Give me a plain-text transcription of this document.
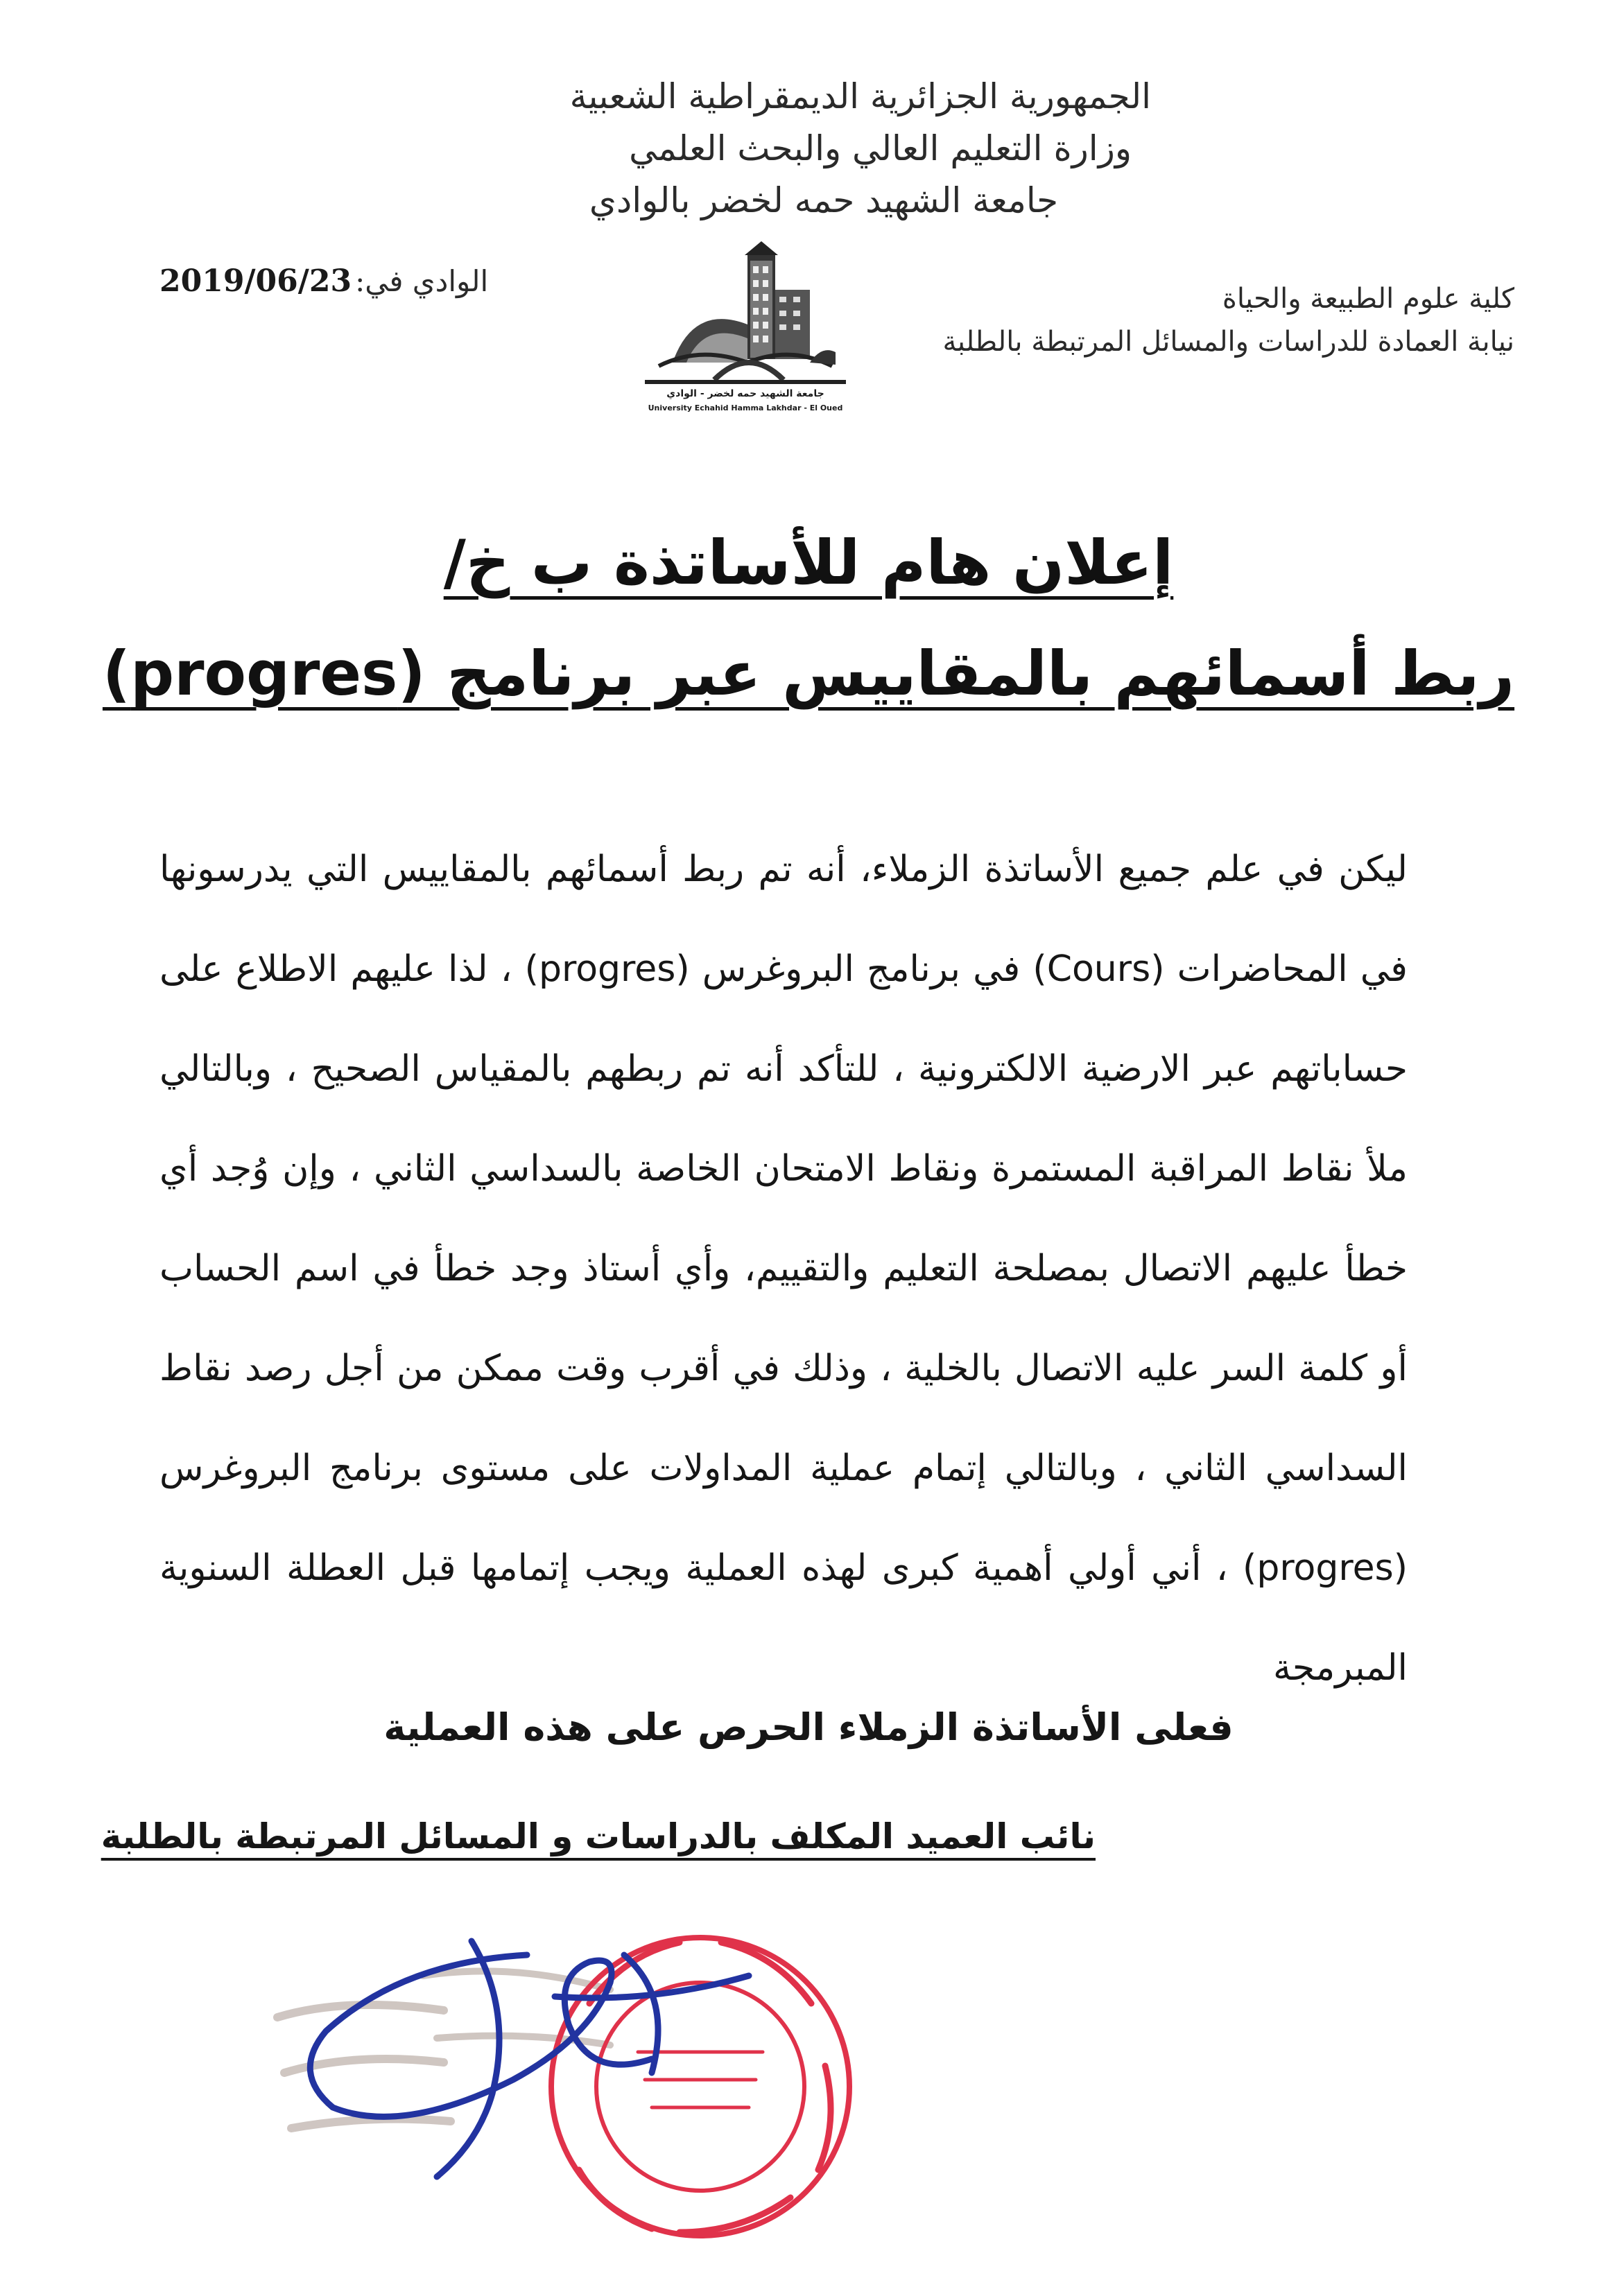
الجمهورية الجزائرية الديمقراطية الشعبية
وزارة التعليم العالي والبحث العلمي
جامعة الشهيد حمه لخضر بالوادي
كلية علوم الطبيعة والحياة
نيابة العمادة للدراسات والمسائل المرتبطة بالطلبة
الوادي في: 2019/06/23
جامعة الشهيد حمه لخضر - الوادي
University Echahid Hamma Lakhdar - El Oued
إعلان هام للأساتذة ب خ/
ربط أسمائهم بالمقاييس عبر برنامج (progres)
ليكن في علم جميع الأساتذة الزملاء، أنه تم ربط أسمائهم بالمقاييس التي يدرسونها في المحاضرات (Cours) في برنامج البروغرس (progres) ، لذا عليهم الاطلاع على حساباتهم عبر الارضية الالكترونية ، للتأكد أنه تم ربطهم بالمقياس الصحيح ، وبالتالي ملأ نقاط المراقبة المستمرة ونقاط الامتحان الخاصة بالسداسي الثاني ، وإن وُجد أي خطأ عليهم الاتصال بمصلحة التعليم والتقييم، وأي أستاذ وجد خطأ في اسم الحساب أو كلمة السر عليه الاتصال بالخلية ، وذلك في أقرب وقت ممكن من أجل رصد نقاط السداسي الثاني ، وبالتالي إتمام عملية المداولات على مستوى برنامج البروغرس (progres) ، أني أولي أهمية كبرى لهذه العملية ويجب إتمامها قبل العطلة السنوية المبرمجة
فعلى الأساتذة الزملاء الحرص على هذه العملية
نائب العميد المكلف بالدراسات و المسائل المرتبطة بالطلبة
